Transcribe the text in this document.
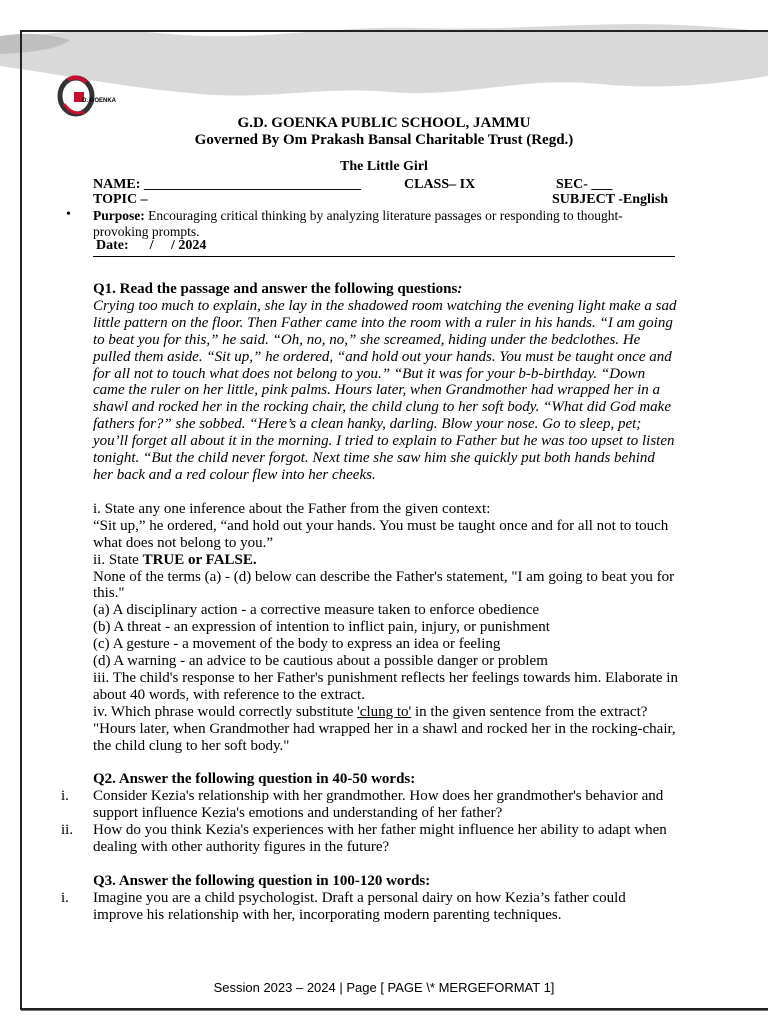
D. GOENKA
G.D. GOENKA PUBLIC SCHOOL, JAMMU
Governed By Om Prakash Bansal Charitable Trust (Regd.)
The Little Girl
NAME: _______________________________	CLASS– IX	SEC- ___
TOPIC –	SUBJECT -English
• Purpose: Encouraging critical thinking by analyzing literature passages or responding to thought-provoking prompts.
Date:      /     / 2024

Q1. Read the passage and answer the following questions:

Crying too much to explain, she lay in the shadowed room watching the evening light make a sad little pattern on the floor. Then Father came into the room with a ruler in his hands. “I am going to beat you for this,” he said. “Oh, no, no,” she screamed, hiding under the bedclothes. He pulled them aside. “Sit up,” he ordered, “and hold out your hands. You must be taught once and for all not to touch what does not belong to you.” “But it was for your b-b-birthday. “Down came the ruler on her little, pink palms. Hours later, when Grandmother had wrapped her in a shawl and rocked her in the rocking chair, the child clung to her soft body. “What did God make fathers for?” she sobbed. “Here’s a clean hanky, darling. Blow your nose. Go to sleep, pet; you’ll forget all about it in the morning. I tried to explain to Father but he was too upset to listen tonight. “But the child never forgot. Next time she saw him she quickly put both hands behind her back and a red colour flew into her cheeks.

i. State any one inference about the Father from the given context:

“Sit up,” he ordered, “and hold out your hands. You must be taught once and for all not to touch what does not belong to you.”

ii. State TRUE or FALSE.

None of the terms (a) - (d) below can describe the Father's statement, "I am going to beat you for this."

(a) A disciplinary action - a corrective measure taken to enforce obedience

(b) A threat - an expression of intention to inflict pain, injury, or punishment

(c) A gesture - a movement of the body to express an idea or feeling

(d) A warning - an advice to be cautious about a possible danger or problem

iii. The child's response to her Father's punishment reflects her feelings towards him. Elaborate in about 40 words, with reference to the extract.

iv. Which phrase would correctly substitute 'clung to' in the given sentence from the extract?

"Hours later, when Grandmother had wrapped her in a shawl and rocked her in the rocking-chair, the child clung to her soft body."

Q2. Answer the following question in 40-50 words:

i. Consider Kezia's relationship with her grandmother. How does her grandmother's behavior and support influence Kezia's emotions and understanding of her father?

ii. How do you think Kezia's experiences with her father might influence her ability to adapt when dealing with other authority figures in the future?

Q3. Answer the following question in 100-120 words:

i. Imagine you are a child psychologist. Draft a personal dairy on how Kezia’s father could improve his relationship with her, incorporating modern parenting techniques.

Session 2023 – 2024 | Page [ PAGE \* MERGEFORMAT 1]
